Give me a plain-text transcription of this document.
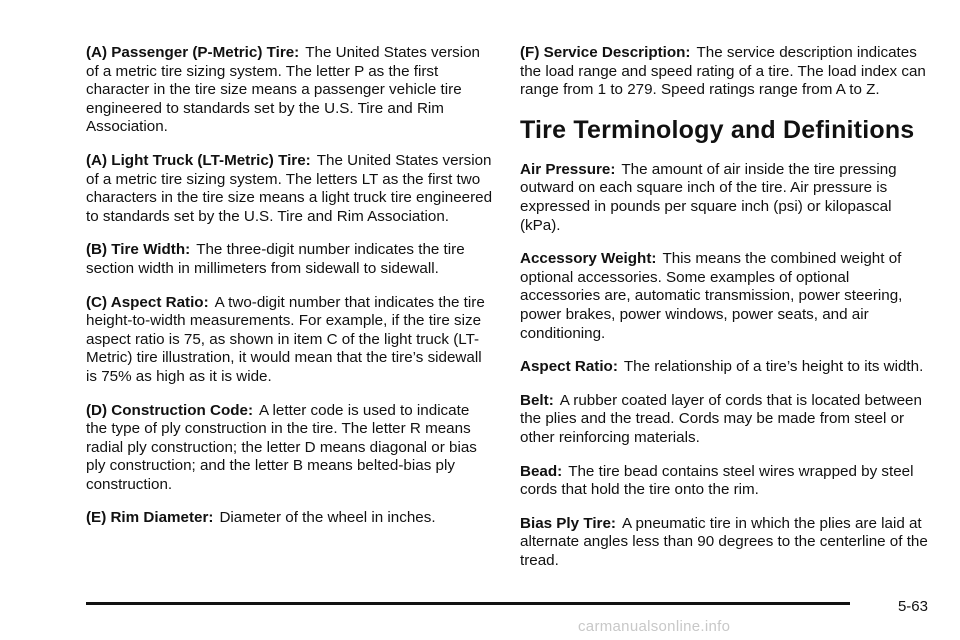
(A) Passenger (P-Metric) Tire: The United States version of a metric tire sizing system. The letter P as the first character in the tire size means a passenger vehicle tire engineered to standards set by the U.S. Tire and Rim Association.

(A) Light Truck (LT-Metric) Tire: The United States version of a metric tire sizing system. The letters LT as the first two characters in the tire size means a light truck tire engineered to standards set by the U.S. Tire and Rim Association.

(B) Tire Width: The three-digit number indicates the tire section width in millimeters from sidewall to sidewall.

(C) Aspect Ratio: A two-digit number that indicates the tire height-to-width measurements. For example, if the tire size aspect ratio is 75, as shown in item C of the light truck (LT-Metric) tire illustration, it would mean that the tire’s sidewall is 75% as high as it is wide.

(D) Construction Code: A letter code is used to indicate the type of ply construction in the tire. The letter R means radial ply construction; the letter D means diagonal or bias ply construction; and the letter B means belted-bias ply construction.

(E) Rim Diameter: Diameter of the wheel in inches.

(F) Service Description: The service description indicates the load range and speed rating of a tire. The load index can range from 1 to 279. Speed ratings range from A to Z.

Tire Terminology and Definitions

Air Pressure: The amount of air inside the tire pressing outward on each square inch of the tire. Air pressure is expressed in pounds per square inch (psi) or kilopascal (kPa).

Accessory Weight: This means the combined weight of optional accessories. Some examples of optional accessories are, automatic transmission, power steering, power brakes, power windows, power seats, and air conditioning.

Aspect Ratio: The relationship of a tire’s height to its width.

Belt: A rubber coated layer of cords that is located between the plies and the tread. Cords may be made from steel or other reinforcing materials.

Bead: The tire bead contains steel wires wrapped by steel cords that hold the tire onto the rim.

Bias Ply Tire: A pneumatic tire in which the plies are laid at alternate angles less than 90 degrees to the centerline of the tread.

5-63
carmanualsonline.info
